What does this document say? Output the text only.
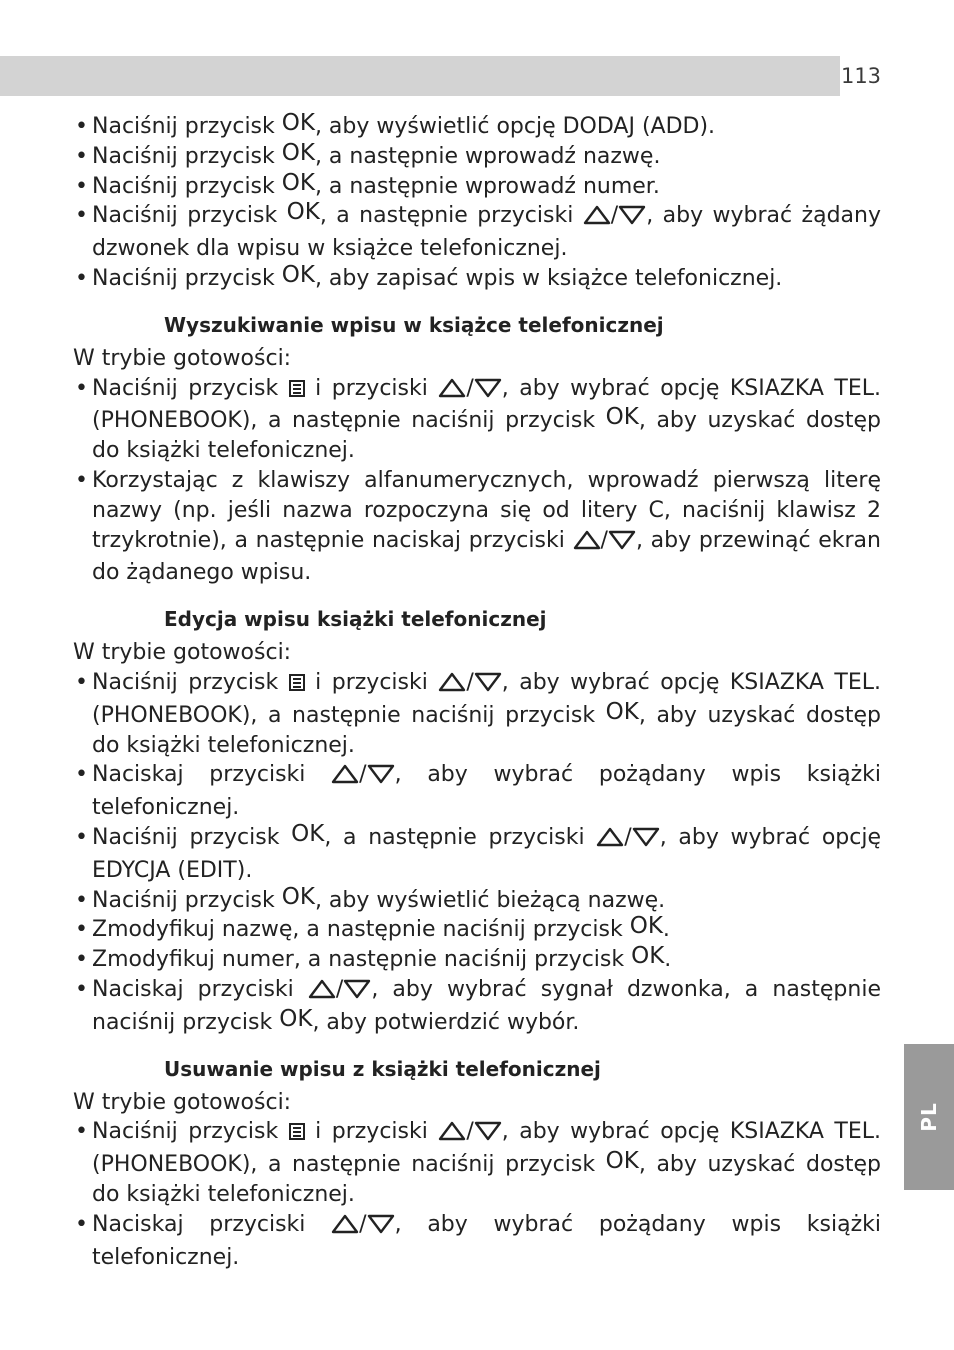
113
PL

• Naciśnij przycisk OK, aby wyświetlić opcję DODAJ (ADD).

• Naciśnij przycisk OK, a następnie wprowadź nazwę.

• Naciśnij przycisk OK, a następnie wprowadź numer.

• Naciśnij przycisk OK, a następnie przyciski / , aby wybrać żądany dzwonek dla wpisu w książce telefonicznej.

• Naciśnij przycisk OK, aby zapisać wpis w książce telefonicznej.

Wyszukiwanie wpisu w książce telefonicznej

W trybie gotowości:

• Naciśnij przycisk
i przyciski / , aby wybrać opcję KSIAZKA TEL. (PHONEBOOK), a następnie naciśnij przycisk OK, aby uzyskać dostęp do książki telefonicznej.

• Korzystając z klawiszy alfanumerycznych, wprowadź pierwszą literę nazwy (np. jeśli nazwa rozpoczyna się od litery C, naciśnij klawisz 2 trzykrotnie), a następnie naciskaj przyciski / , aby przewinąć ekran do żądanego wpisu.

Edycja wpisu książki telefonicznej

W trybie gotowości:

• Naciśnij przycisk
i przyciski / , aby wybrać opcję KSIAZKA TEL. (PHONEBOOK), a następnie naciśnij przycisk OK, aby uzyskać dostęp do książki telefonicznej.

• Naciskaj przyciski / , aby wybrać pożądany wpis książki telefonicznej.

• Naciśnij przycisk OK, a następnie przyciski / , aby wybrać opcję EDYCJA (EDIT).

• Naciśnij przycisk OK, aby wyświetlić bieżącą nazwę.

• Zmodyfikuj nazwę, a następnie naciśnij przycisk OK.

• Zmodyfikuj numer, a następnie naciśnij przycisk OK.

• Naciskaj przyciski / , aby wybrać sygnał dzwonka, a następnie naciśnij przycisk OK, aby potwierdzić wybór.

Usuwanie wpisu z książki telefonicznej

W trybie gotowości:

• Naciśnij przycisk
i przyciski / , aby wybrać opcję KSIAZKA TEL. (PHONEBOOK), a następnie naciśnij przycisk OK, aby uzyskać dostęp do książki telefonicznej.

• Naciskaj przyciski / , aby wybrać pożądany wpis książki telefonicznej.
